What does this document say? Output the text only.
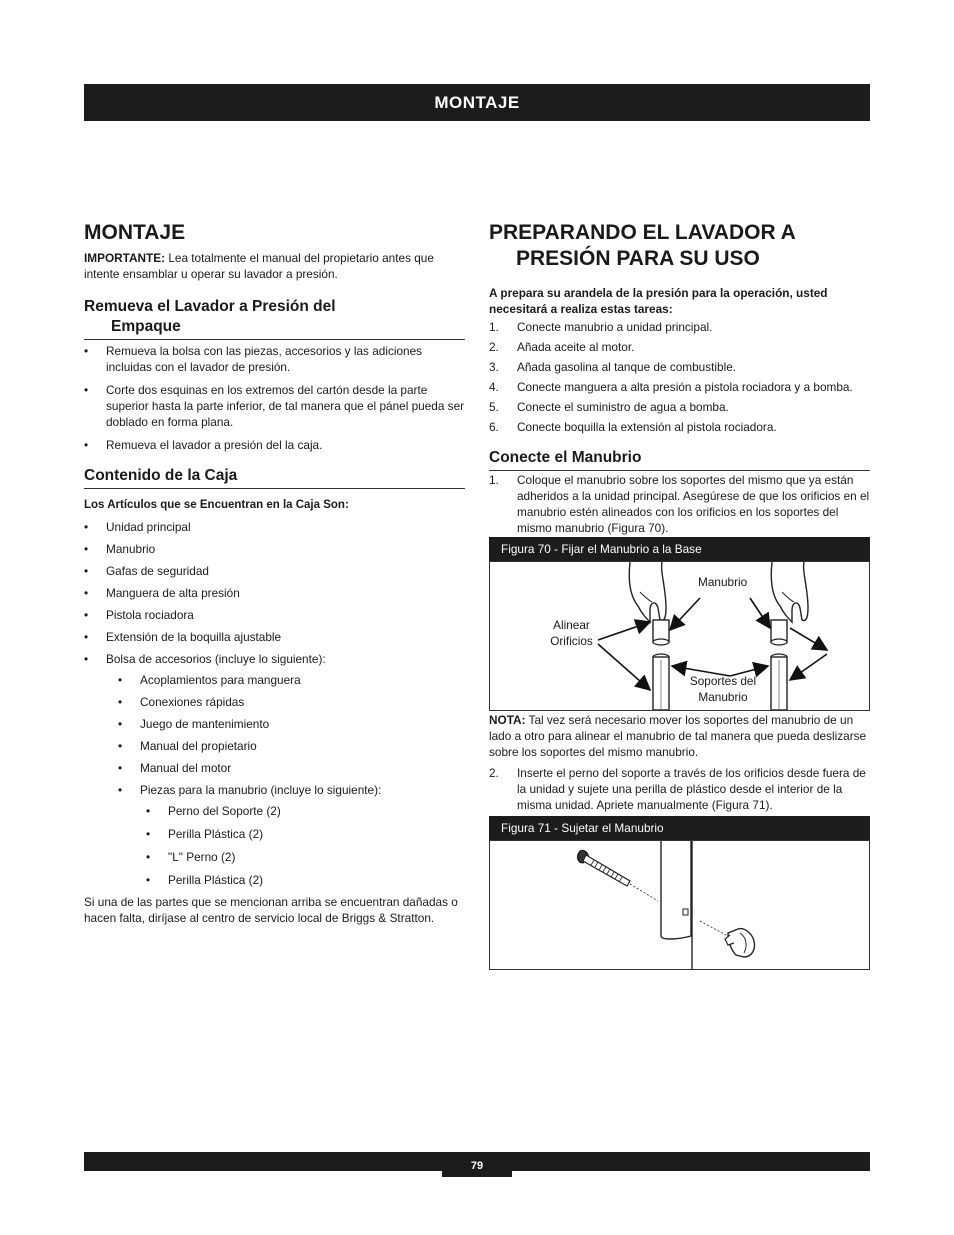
MONTAJE
MONTAJE

IMPORTANTE: Lea totalmente el manual del propietario antes que intente ensamblar u operar su lavador a presión.

Remueva el Lavador a Presión del
Empaque
• Remueva la bolsa con las piezas, accesorios y las adiciones incluidas con el lavador de presión.
• Corte dos esquinas en los extremos del cartón desde la parte superior hasta la parte inferior, de tal manera que el pánel pueda ser doblado en forma plana.
• Remueva el lavador a presión del la caja.
Contenido de la Caja

Los Artículos que se Encuentran en la Caja Son:

• Unidad principal
• Manubrio
• Gafas de seguridad
• Manguera de alta presión
• Pistola rociadora
• Extensión de la boquilla ajustable
• Bolsa de accesorios (incluye lo siguiente):
• Acoplamientos para manguera
• Conexiones rápidas
• Juego de mantenimiento
• Manual del propietario
• Manual del motor
• Piezas para la manubrio (incluye lo siguiente):
• Perno del Soporte (2)
• Perilla Plástica (2)
• "L" Perno (2)
• Perilla Plástica (2)

Si una de las partes que se mencionan arriba se encuentran dañadas o hacen falta, diríjase al centro de servicio local de Briggs & Stratton.

PREPARANDO EL LAVADOR A
PRESIÓN PARA SU USO

A prepara su arandela de la presión para la operación, usted necesitará a realiza estas tareas:

1. Conecte manubrio a unidad principal.
2. Añada aceite al motor.
3. Añada gasolina al tanque de combustible.
4. Conecte manguera a alta presión a pistola rociadora y a bomba.
5. Conecte el suministro de agua a bomba.
6. Conecte boquilla la extensión al pistola rociadora.
Conecte el Manubrio
1. Coloque el manubrio sobre los soportes del mismo que ya están adheridos a la unidad principal. Asegúrese de que los orificios en el manubrio estén alineados con los orificios en los soportes del mismo manubrio (Figura 70).
Figura 70 - Fijar el Manubrio a la Base
Manubrio
Alinear
Orificios
Soportes del
Manubrio

NOTA: Tal vez será necesario mover los soportes del manubrio de un lado a otro para alinear el manubrio de tal manera que pueda deslizarse sobre los soportes del mismo manubrio.

2. Inserte el perno del soporte a través de los orificios desde fuera de la unidad y sujete una perilla de plástico desde el interior de la misma unidad. Apriete manualmente (Figura 71).
Figura 71 - Sujetar el Manubrio
79
